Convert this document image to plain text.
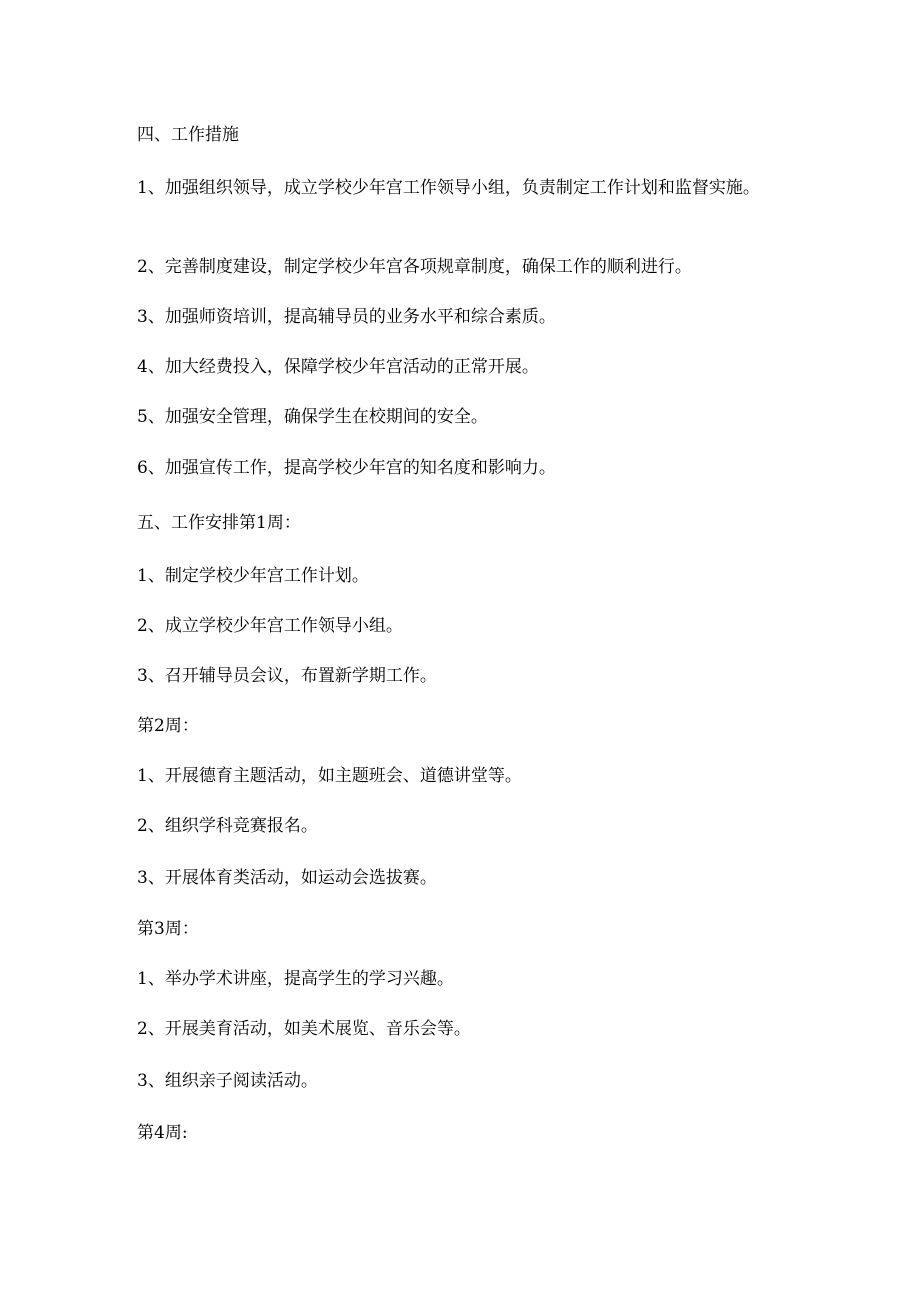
四、工作措施

1、加强组织领导，成立学校少年宫工作领导小组，负责制定工作计划和监督实施。

2、完善制度建设，制定学校少年宫各项规章制度，确保工作的顺利进行。

3、加强师资培训，提高辅导员的业务水平和综合素质。

4、加大经费投入，保障学校少年宫活动的正常开展。

5、加强安全管理，确保学生在校期间的安全。

6、加强宣传工作，提高学校少年宫的知名度和影响力。

五、工作安排第1周：

1、制定学校少年宫工作计划。

2、成立学校少年宫工作领导小组。

3、召开辅导员会议，布置新学期工作。

第2周：

1、开展德育主题活动，如主题班会、道德讲堂等。

2、组织学科竞赛报名。

3、开展体育类活动，如运动会选拔赛。

第3周：

1、举办学术讲座，提高学生的学习兴趣。

2、开展美育活动，如美术展览、音乐会等。

3、组织亲子阅读活动。

第4周:
